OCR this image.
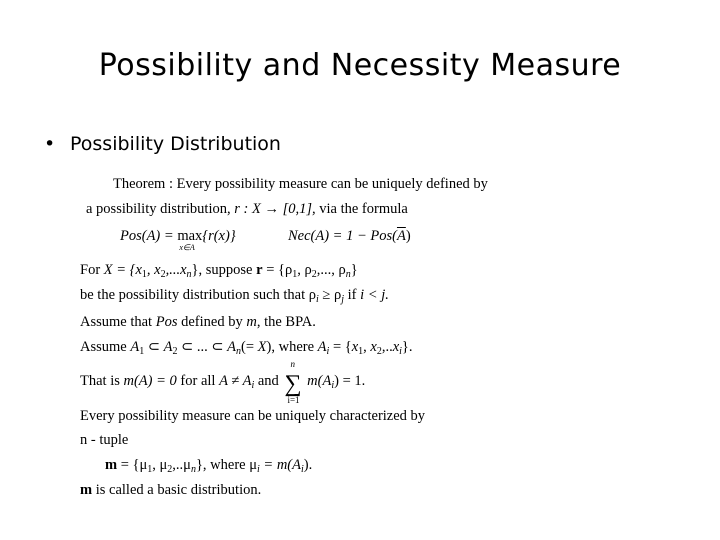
Possibility and Necessity Measure
• Possibility Distribution
Theorem : Every possibility measure can be uniquely defined by
a possibility distribution, r : X → [0,1], via the formula
Pos(A) = max
x∈A
{r(x)}	$Nec(A) = 1 - Pos(\overline{A})$
For $X = \{x_1$, $x_2,...x_n$}, suppose $r = \{\rho_1$, $\rho_2$,..., $\rho_n$}
be the possibility distribution such that $\rho_i \ge \rho_j$ if i < j.
Assume that Pos defined by m, the BPA.
Assume $A_1$ ⊂ $A_2$ ⊂ ... ⊂ $A_n(= X)$, where $A_i = \{x_1$, $x_2,..x_i$}.
That is m(A) = 0 for all $A \ne A_i$ and ∑
n
i=1
$m(A_i) = 1$.
Every possibility measure can be uniquely characterized by
n - tuple
$m = \{\mu_1$, $\mu_2,..\mu_n$}, where $\mu_i = m(A_i)$.
m is called a basic distribution.
